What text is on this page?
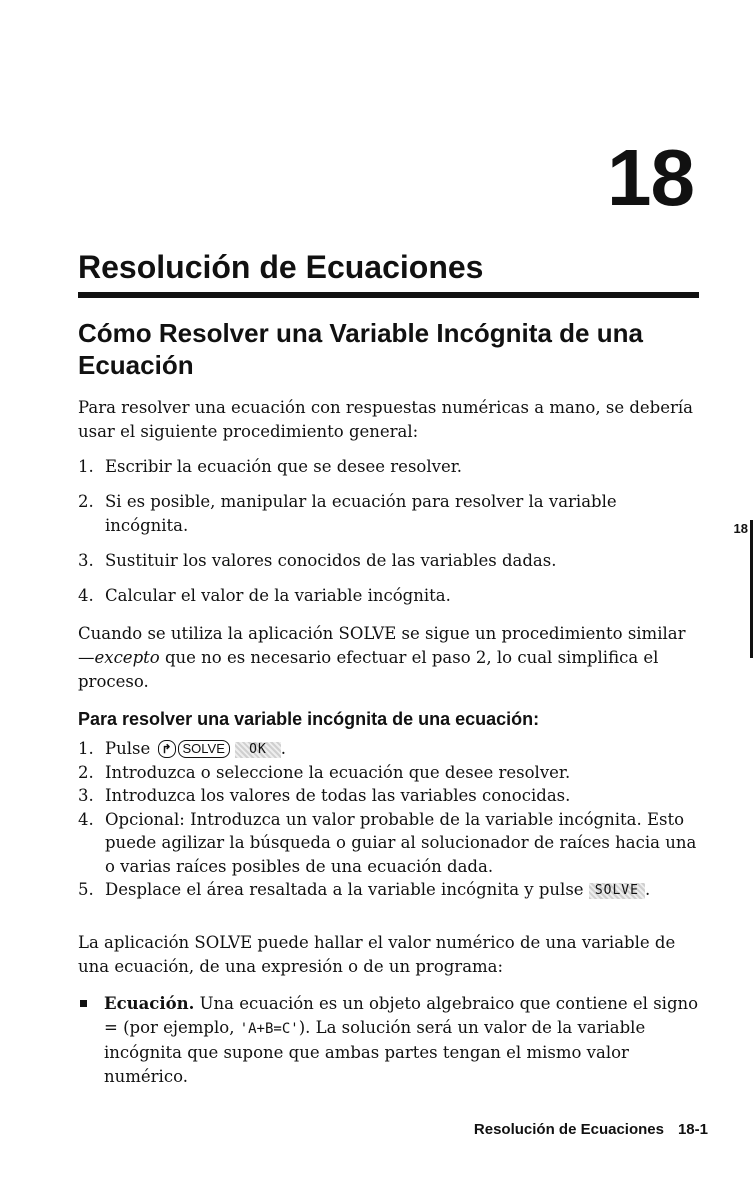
18
Resolución de Ecuaciones
Cómo Resolver una Variable Incógnita de una Ecuación

Para resolver una ecuación con respuestas numéricas a mano, se debería usar el siguiente procedimiento general:

1. Escribir la ecuación que se desee resolver.
2. Si es posible, manipular la ecuación para resolver la variable incógnita.
3. Sustituir los valores conocidos de las variables dadas.
4. Calcular el valor de la variable incógnita.

Cuando se utiliza la aplicación SOLVE se sigue un procedimiento similar—excepto que no es necesario efectuar el paso 2, lo cual simplifica el proceso.

Para resolver una variable incógnita de una ecuación:
1. Pulse ↱ SOLVE OK .
2. Introduzca o seleccione la ecuación que desee resolver.
3. Introduzca los valores de todas las variables conocidas.
4. Opcional: Introduzca un valor probable de la variable incógnita. Esto puede agilizar la búsqueda o guiar al solucionador de raíces hacia una o varias raíces posibles de una ecuación dada.
5. Desplace el área resaltada a la variable incógnita y pulse SOLVE .

La aplicación SOLVE puede hallar el valor numérico de una variable de una ecuación, de una expresión o de un programa:

Ecuación. Una ecuación es un objeto algebraico que contiene el signo = (por ejemplo, 'A+B=C'). La solución será un valor de la variable incógnita que supone que ambas partes tengan el mismo valor numérico.
18
Resolución de Ecuaciones 18-1
